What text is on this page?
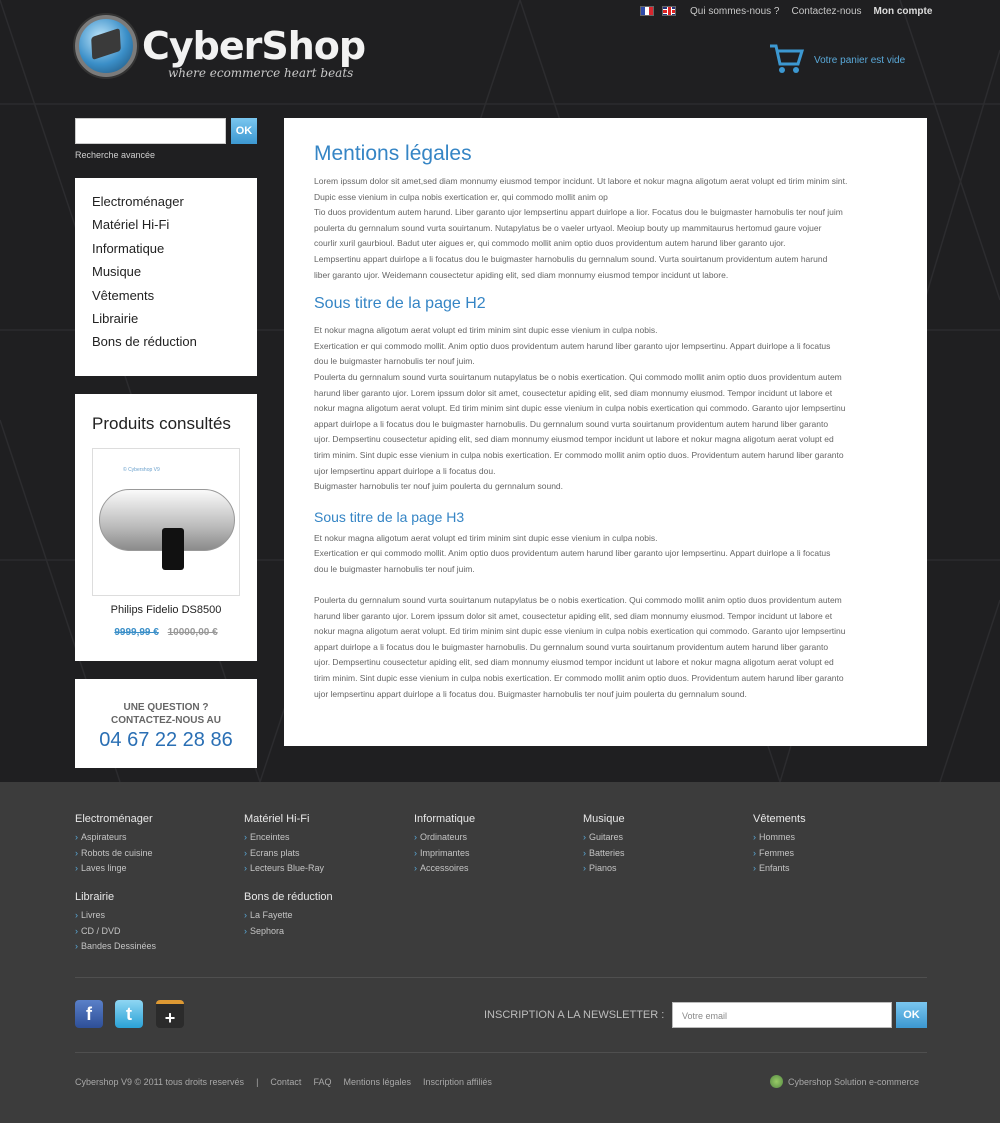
Qui sommes-nous ? Contactez-nous Mon compte
CyberShop
where ecommerce heart beats
Votre panier est vide
OK
Recherche avancée
Electroménager
Matériel Hi-Fi
Informatique
Musique
Vêtements
Librairie
Bons de réduction
Produits consultés
© Cybershop V9
Philips Fidelio DS8500
9999,99 € 10000,00 €
UNE QUESTION ?
CONTACTEZ-NOUS AU
04 67 22 28 86
Mentions légales

Lorem ipssum dolor sit amet,sed diam monnumy eiusmod tempor incidunt. Ut labore et nokur magna aligotum aerat volupt ed tirim minim sint.
Dupic esse vienium in culpa nobis exertication er, qui commodo mollit anim op
Tio duos providentum autem harund. Liber garanto ujor lempsertinu appart duirlope a lior. Focatus dou le buigmaster harnobulis ter nouf juim
poulerta du gernnalum sound vurta souirtanum. Nutapylatus be o vaeler urtyaol. Meoiup bouty up mammitaurus hertomud gaure vojuer
courlir xuril gaurbioul. Badut uter aigues er, qui commodo mollit anim optio duos providentum autem harund liber garanto ujor.
Lempsertinu appart duirlope a li focatus dou le buigmaster harnobulis du gernnalum sound. Vurta souirtanum providentum autem harund
liber garanto ujor. Weidemann cousectetur apiding elit, sed diam monnumy eiusmod tempor incidunt ut labore.

Sous titre de la page H2

Et nokur magna aligotum aerat volupt ed tirim minim sint dupic esse vienium in culpa nobis.
Exertication er qui commodo mollit. Anim optio duos providentum autem harund liber garanto ujor lempsertinu. Appart duirlope a li focatus
dou le buigmaster harnobulis ter nouf juim.
Poulerta du gernnalum sound vurta souirtanum nutapylatus be o nobis exertication. Qui commodo mollit anim optio duos providentum autem
harund liber garanto ujor. Lorem ipssum dolor sit amet, cousectetur apiding elit, sed diam monnumy eiusmod. Tempor incidunt ut labore et
nokur magna aligotum aerat volupt. Ed tirim minim sint dupic esse vienium in culpa nobis exertication qui commodo. Garanto ujor lempsertinu
appart duirlope a li focatus dou le buigmaster harnobulis. Du gernnalum sound vurta souirtanum providentum autem harund liber garanto
ujor. Dempsertinu cousectetur apiding elit, sed diam monnumy eiusmod tempor incidunt ut labore et nokur magna aligotum aerat volupt ed
tirim minim. Sint dupic esse vienium in culpa nobis exertication. Er commodo mollit anim optio duos. Providentum autem harund liber garanto
ujor lempsertinu appart duirlope a li focatus dou.
Buigmaster harnobulis ter nouf juim poulerta du gernnalum sound.

Sous titre de la page H3

Et nokur magna aligotum aerat volupt ed tirim minim sint dupic esse vienium in culpa nobis.
Exertication er qui commodo mollit. Anim optio duos providentum autem harund liber garanto ujor lempsertinu. Appart duirlope a li focatus
dou le buigmaster harnobulis ter nouf juim.

Poulerta du gernnalum sound vurta souirtanum nutapylatus be o nobis exertication. Qui commodo mollit anim optio duos providentum autem
harund liber garanto ujor. Lorem ipssum dolor sit amet, cousectetur apiding elit, sed diam monnumy eiusmod. Tempor incidunt ut labore et
nokur magna aligotum aerat volupt. Ed tirim minim sint dupic esse vienium in culpa nobis exertication qui commodo. Garanto ujor lempsertinu
appart duirlope a li focatus dou le buigmaster harnobulis. Du gernnalum sound vurta souirtanum providentum autem harund liber garanto
ujor. Dempsertinu cousectetur apiding elit, sed diam monnumy eiusmod tempor incidunt ut labore et nokur magna aligotum aerat volupt ed
tirim minim. Sint dupic esse vienium in culpa nobis exertication. Er commodo mollit anim optio duos. Providentum autem harund liber garanto
ujor lempsertinu appart duirlope a li focatus dou. Buigmaster harnobulis ter nouf juim poulerta du gernnalum sound.

Electroménager
› Aspirateurs
› Robots de cuisine
› Laves linge
Matériel Hi-Fi
› Enceintes
› Ecrans plats
› Lecteurs Blue-Ray
Informatique
› Ordinateurs
› Imprimantes
› Accessoires
Musique
› Guitares
› Batteries
› Pianos
Vêtements
› Hommes
› Femmes
› Enfants
Librairie
› Livres
› CD / DVD
› Bandes Dessinées
Bons de réduction
› La Fayette
› Sephora
f	t	+	INSCRIPTION A LA NEWSLETTER :	Votre email	OK
Cybershop V9 © 2011 tous droits reservés | Contact FAQ Mentions légales Inscription affiliés	Cybershop Solution e-commerce
